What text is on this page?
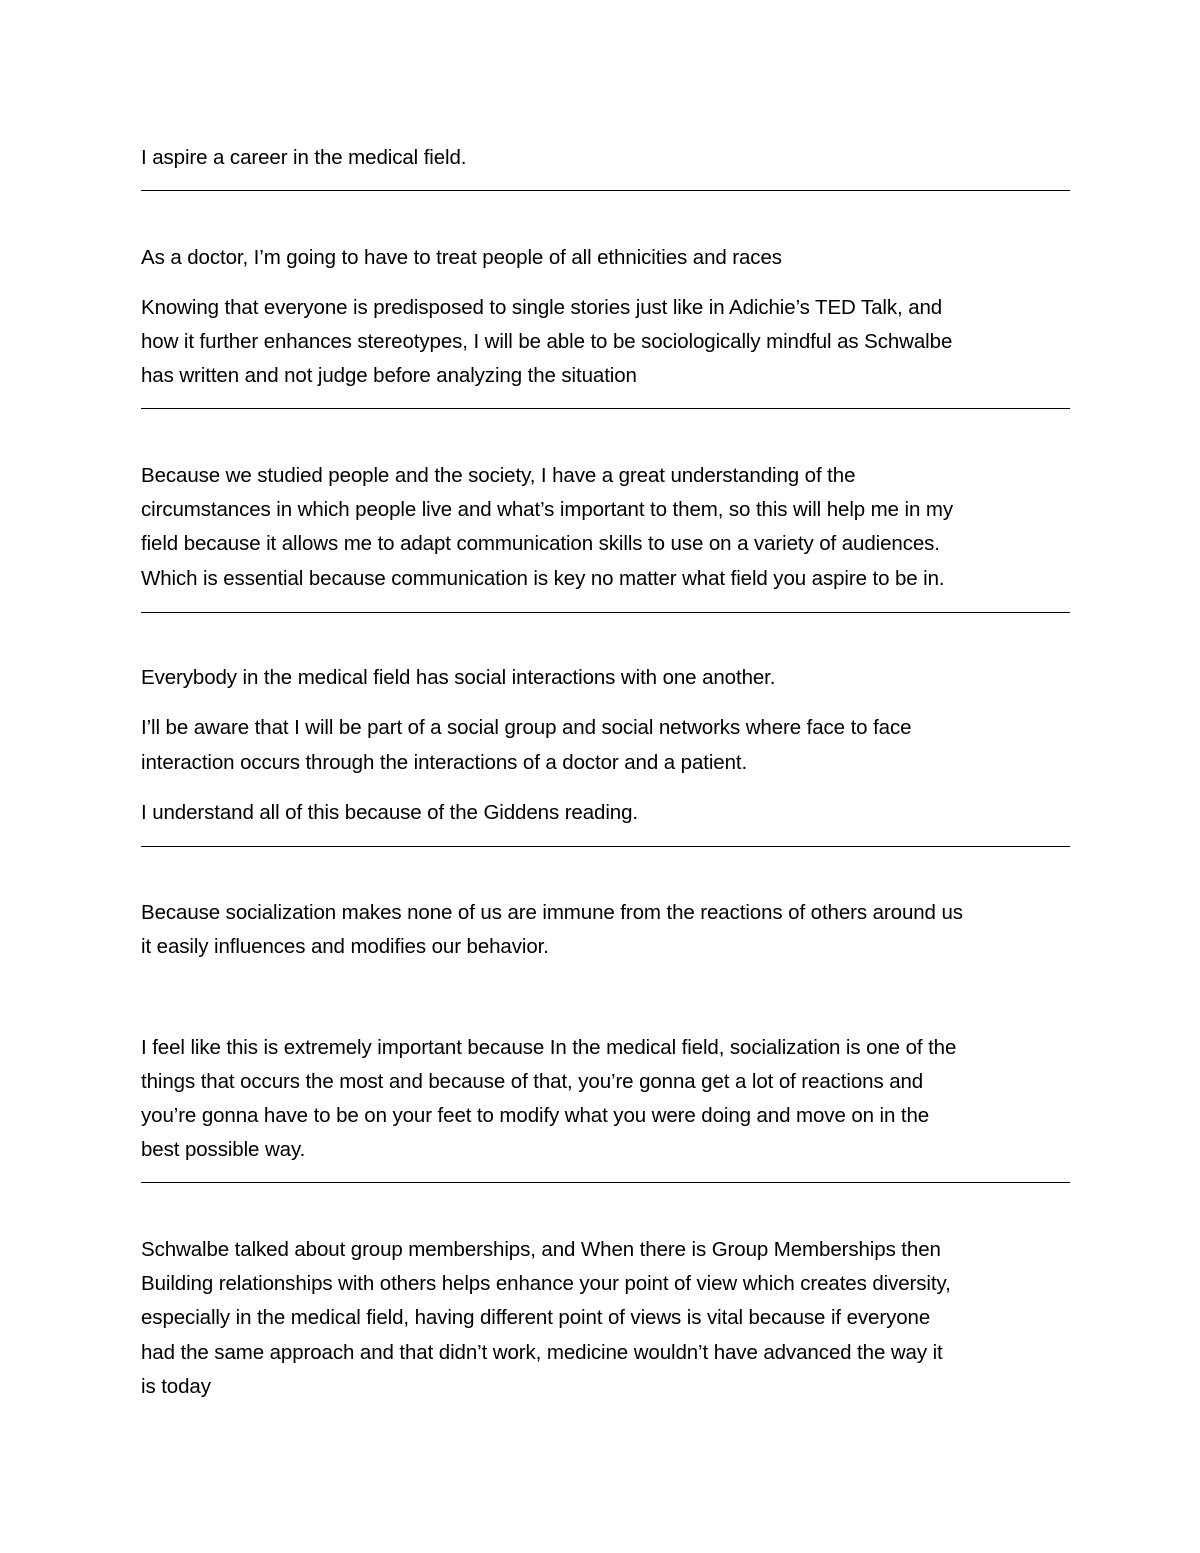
I aspire a career in the medical field.
As a doctor, I’m going to have to treat people of all ethnicities and races
Knowing that everyone is predisposed to single stories just like in Adichie’s TED Talk, and
how it further enhances stereotypes, I will be able to be sociologically mindful as Schwalbe
has written and not judge before analyzing the situation
Because we studied people and the society, I have a great understanding of the
circumstances in which people live and what’s important to them, so this will help me in my
field because it allows me to adapt communication skills to use on a variety of audiences.
Which is essential because communication is key no matter what field you aspire to be in.
Everybody in the medical field has social interactions with one another.
I’ll be aware that I will be part of a social group and social networks where face to face
interaction occurs through the interactions of a doctor and a patient.
I understand all of this because of the Giddens reading.
Because socialization makes none of us are immune from the reactions of others around us
it easily influences and modifies our behavior.
I feel like this is extremely important because In the medical field, socialization is one of the
things that occurs the most and because of that, you’re gonna get a lot of reactions and
you’re gonna have to be on your feet to modify what you were doing and move on in the
best possible way.
Schwalbe talked about group memberships, and When there is Group Memberships then
Building relationships with others helps enhance your point of view which creates diversity,
especially in the medical field, having different point of views is vital because if everyone
had the same approach and that didn’t work, medicine wouldn’t have advanced the way it
is today
